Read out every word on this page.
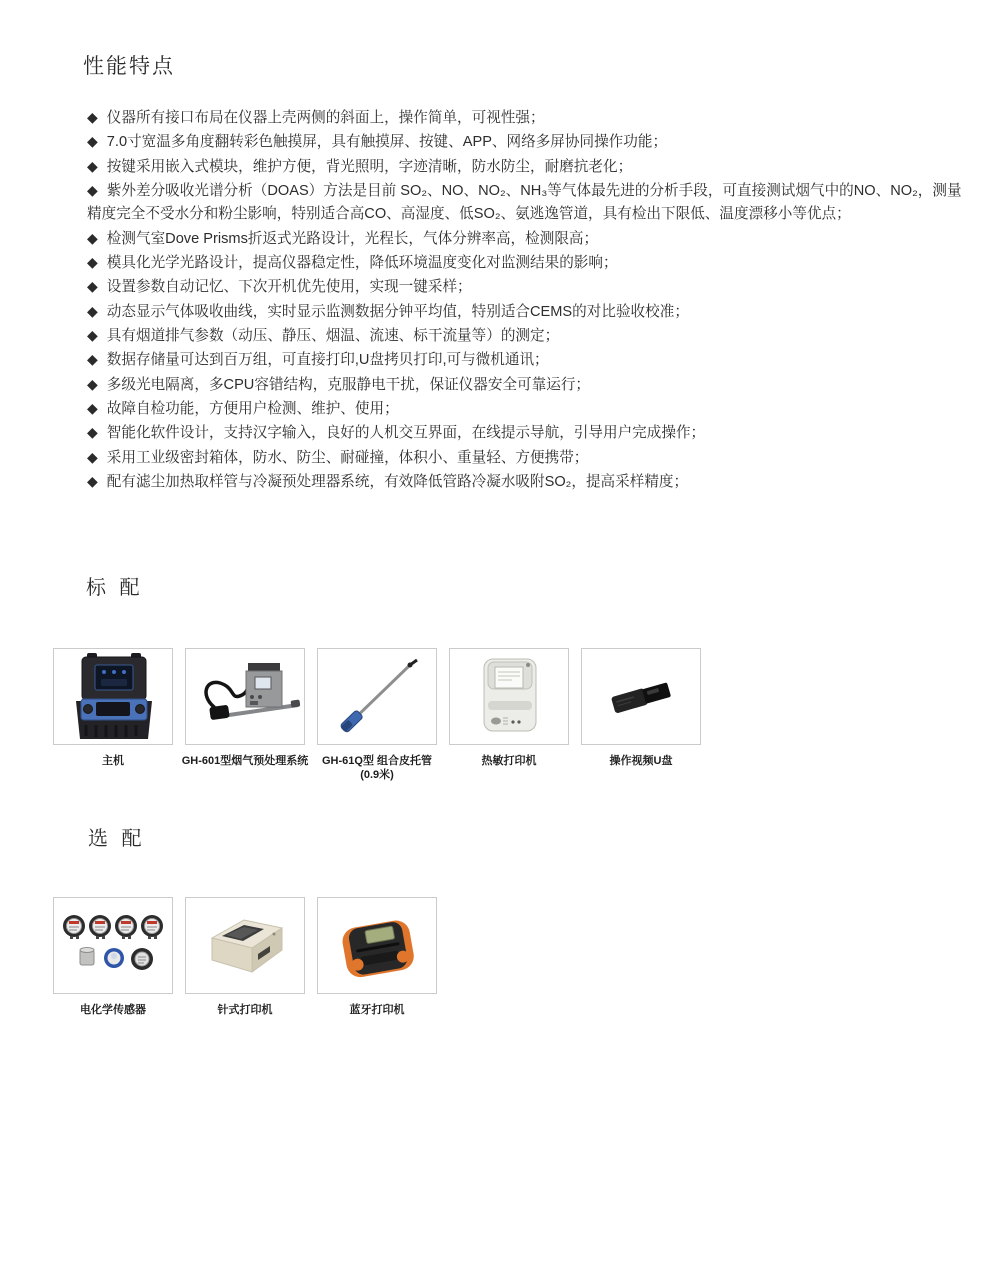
性能特点
◆ 仪器所有接口布局在仪器上壳两侧的斜面上，操作简单，可视性强；
◆ 7.0寸宽温多角度翻转彩色触摸屏，具有触摸屏、按键、APP、网络多屏协同操作功能；
◆ 按键采用嵌入式模块，维护方便，背光照明，字迹清晰，防水防尘，耐磨抗老化；
◆ 紫外差分吸收光谱分析（DOAS）方法是目前 SO₂、NO、NO₂、NH₃等气体最先进的分析手段，可直接测试烟气中的NO、NO₂，测量精度完全不受水分和粉尘影响，特别适合高CO、高湿度、低SO₂、氨逃逸管道，具有检出下限低、温度漂移小等优点；
◆ 检测气室Dove Prisms折返式光路设计，光程长，气体分辨率高，检测限高；
◆ 模具化光学光路设计，提高仪器稳定性，降低环境温度变化对监测结果的影响；
◆ 设置参数自动记忆、下次开机优先使用，实现一键采样；
◆ 动态显示气体吸收曲线，实时显示监测数据分钟平均值，特别适合CEMS的对比验收校准；
◆ 具有烟道排气参数（动压、静压、烟温、流速、标干流量等）的测定；
◆ 数据存储量可达到百万组，可直接打印,U盘拷贝打印,可与微机通讯；
◆ 多级光电隔离，多CPU容错结构，克服静电干扰，保证仪器安全可靠运行；
◆ 故障自检功能，方便用户检测、维护、使用；
◆ 智能化软件设计，支持汉字输入，良好的人机交互界面，在线提示导航，引导用户完成操作；
◆ 采用工业级密封箱体，防水、防尘、耐碰撞，体积小、重量轻、方便携带；
◆ 配有滤尘加热取样管与冷凝预处理器系统，有效降低管路冷凝水吸附SO₂，提高采样精度；
标 配
主机	GH-601型烟气预处理系统 GH-61Q型 组合皮托管
(0.9米)
热敏打印机	操作视频U盘
选 配
电化学传感器	针式打印机	蓝牙打印机
